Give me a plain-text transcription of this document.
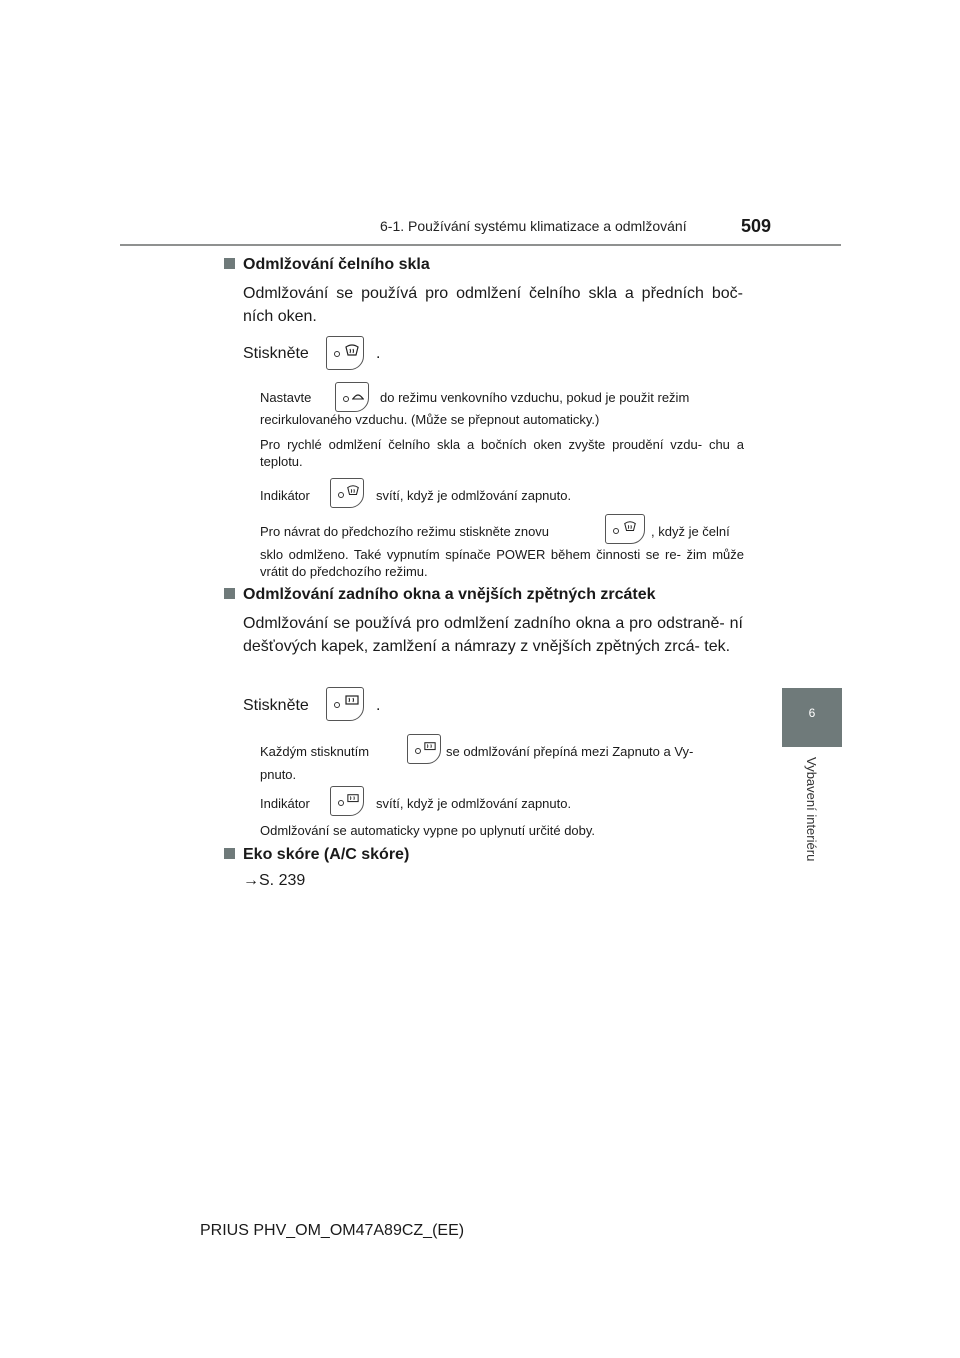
6-1. Používání systému klimatizace a odmlžování	509
6
Vybavení interiéru
Odmlžování čelního skla
Odmlžování se používá pro odmlžení čelního skla a předních boč- ních oken.
Stiskněte	.
Nastavte	do režimu venkovního vzduchu, pokud je použit režim
recirkulovaného vzduchu. (Může se přepnout automaticky.)
Pro rychlé odmlžení čelního skla a bočních oken zvyšte proudění vzdu- chu a teplotu.
Indikátor	svítí, když je odmlžování zapnuto.
Pro návrat do předchozího režimu stiskněte znovu	, když je čelní
sklo odmlženo. Také vypnutím spínače POWER během činnosti se re- žim může vrátit do předchozího režimu.
Odmlžování zadního okna a vnějších zpětných zrcátek
Odmlžování se používá pro odmlžení zadního okna a pro odstraně- ní dešťových kapek, zamlžení a námrazy z vnějších zpětných zrcá- tek.
Stiskněte	.
Každým stisknutím	se odmlžování přepíná mezi Zapnuto a Vy-
pnuto.
Indikátor	svítí, když je odmlžování zapnuto.
Odmlžování se automaticky vypne po uplynutí určité doby.
Eko skóre (A/C skóre)
→S. 239
PRIUS PHV_OM_OM47A89CZ_(EE)
